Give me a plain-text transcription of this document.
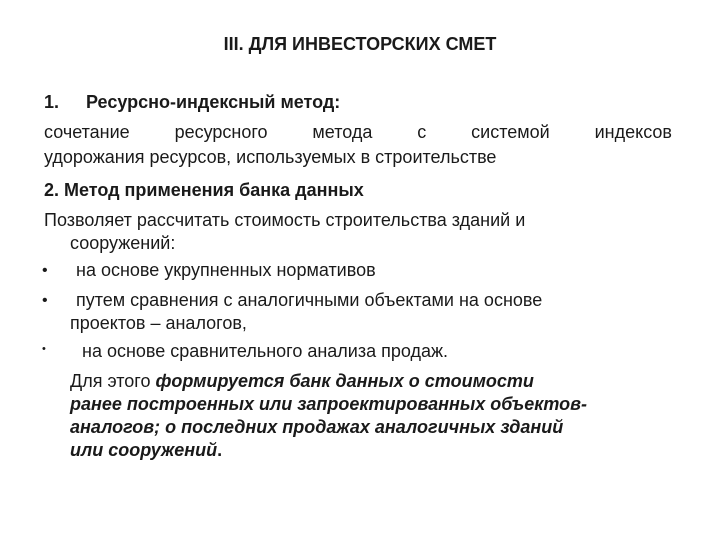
III. ДЛЯ ИНВЕСТОРСКИХ СМЕТ
1. Ресурсно-индексный метод:
сочетание ресурсного метода с системой индексов
удорожания ресурсов, используемых в строительстве
2. Метод применения банка данных
Позволяет рассчитать стоимость строительства зданий и
сооружений:
• на основе укрупненных нормативов
• путем сравнения с аналогичными объектами на основе
проектов – аналогов,
• на основе сравнительного анализа продаж.
Для этого формируется банк данных о стоимости
ранее построенных или запроектированных объектов-
аналогов; о последних продажах аналогичных зданий
или сооружений.
